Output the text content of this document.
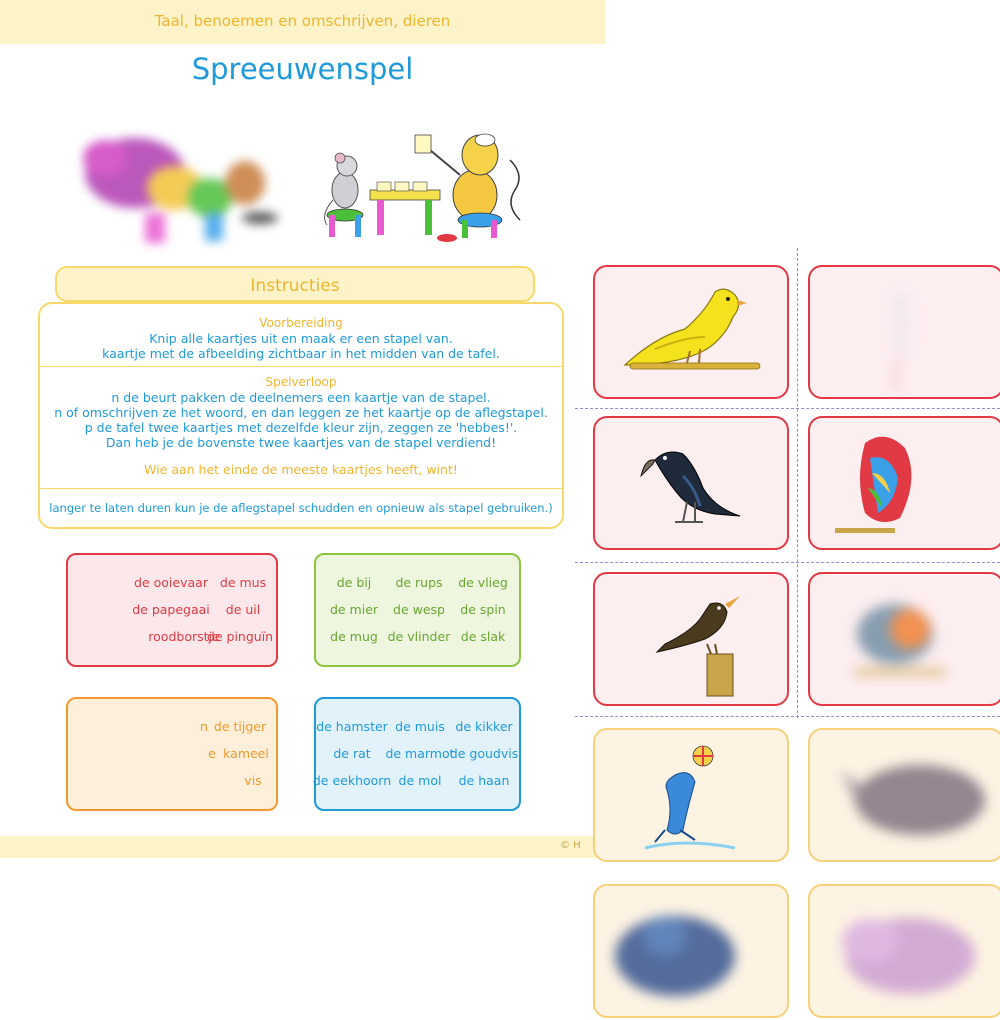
Taal, benoemen en omschrijven, dieren
Spreeuwenspel
Instructies
Voorbereiding
Knip alle kaartjes uit en maak er een stapel van.
kaartje met de afbeelding zichtbaar in het midden van de tafel.
Spelverloop
n de beurt pakken de deelnemers een kaartje van de stapel.
n of omschrijven ze het woord, en dan leggen ze het kaartje op de aflegstapel.
p de tafel twee kaartjes met dezelfde kleur zijn, zeggen ze 'hebbes!'.
Dan heb je de bovenste twee kaartjes van de stapel verdiend!
Wie aan het einde de meeste kaartjes heeft, wint!
langer te laten duren kun je de aflegstapel schudden en opnieuw als stapel gebruiken.)
de ooievaar de mus
de papegaai de uil
roodborstje
de pinguïn
de bij de rups de vlieg
de mier de wesp de spin
de mug de vlinder de slak
n de tijger
e kameel
vis
de hamster de muis de kikker
de rat de marmot
de goudvis
de eekhoorn de mol de haan
© H
